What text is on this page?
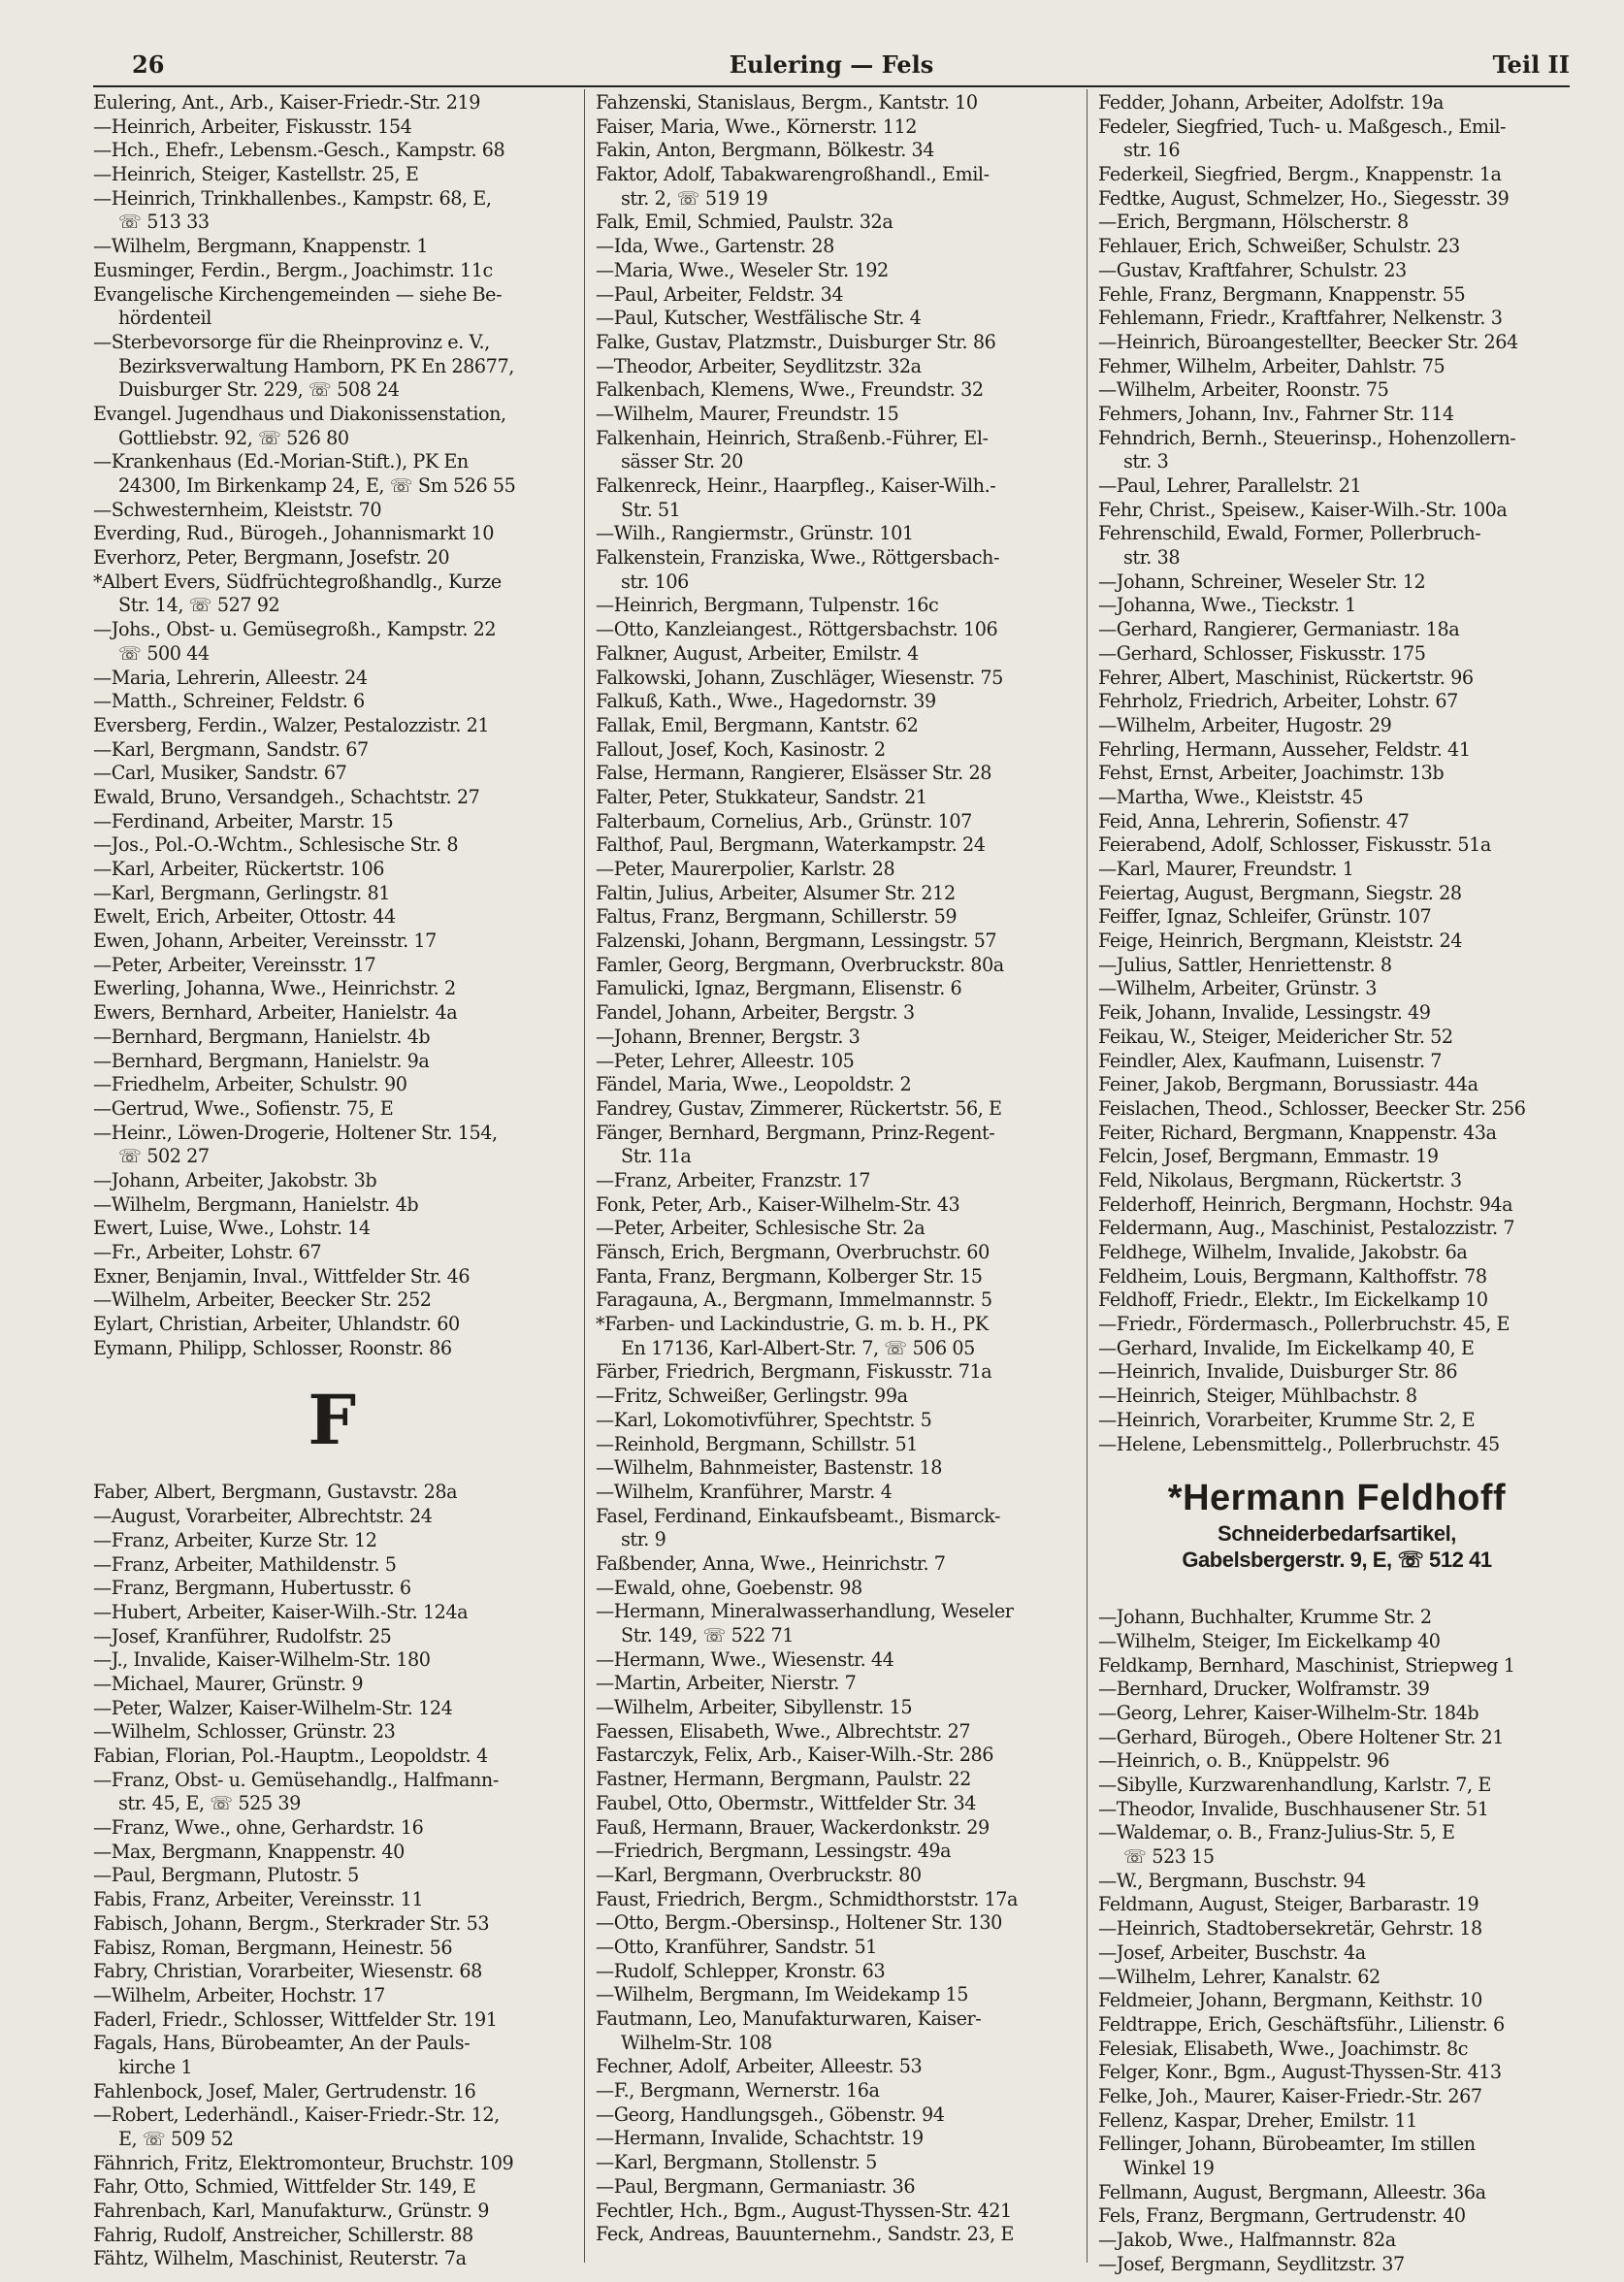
26	Eulering — Fels	Teil II
Eulering, Ant., Arb., Kaiser-Friedr.-Str. 219
—Heinrich, Arbeiter, Fiskusstr. 154
—Hch., Ehefr., Lebensm.-Gesch., Kampstr. 68
—Heinrich, Steiger, Kastellstr. 25, E
—Heinrich, Trinkhallenbes., Kampstr. 68, E,
☏ 513 33
—Wilhelm, Bergmann, Knappenstr. 1
Eusminger, Ferdin., Bergm., Joachimstr. 11c
Evangelische Kirchengemeinden — siehe Be-
hördenteil
—Sterbevorsorge für die Rheinprovinz e. V.,
Bezirksverwaltung Hamborn, PK En 28677,
Duisburger Str. 229, ☏ 508 24
Evangel. Jugendhaus und Diakonissenstation,
Gottliebstr. 92, ☏ 526 80
—Krankenhaus (Ed.-Morian-Stift.), PK En
24300, Im Birkenkamp 24, E, ☏ Sm 526 55
—Schwesternheim, Kleiststr. 70
Everding, Rud., Bürogeh., Johannismarkt 10
Everhorz, Peter, Bergmann, Josefstr. 20
*Albert Evers, Südfrüchtegroßhandlg., Kurze
Str. 14, ☏ 527 92
—Johs., Obst- u. Gemüsegroßh., Kampstr. 22
☏ 500 44
—Maria, Lehrerin, Alleestr. 24
—Matth., Schreiner, Feldstr. 6
Eversberg, Ferdin., Walzer, Pestalozzistr. 21
—Karl, Bergmann, Sandstr. 67
—Carl, Musiker, Sandstr. 67
Ewald, Bruno, Versandgeh., Schachtstr. 27
—Ferdinand, Arbeiter, Marstr. 15
—Jos., Pol.-O.-Wchtm., Schlesische Str. 8
—Karl, Arbeiter, Rückertstr. 106
—Karl, Bergmann, Gerlingstr. 81
Ewelt, Erich, Arbeiter, Ottostr. 44
Ewen, Johann, Arbeiter, Vereinsstr. 17
—Peter, Arbeiter, Vereinsstr. 17
Ewerling, Johanna, Wwe., Heinrichstr. 2
Ewers, Bernhard, Arbeiter, Hanielstr. 4a
—Bernhard, Bergmann, Hanielstr. 4b
—Bernhard, Bergmann, Hanielstr. 9a
—Friedhelm, Arbeiter, Schulstr. 90
—Gertrud, Wwe., Sofienstr. 75, E
—Heinr., Löwen-Drogerie, Holtener Str. 154,
☏ 502 27
—Johann, Arbeiter, Jakobstr. 3b
—Wilhelm, Bergmann, Hanielstr. 4b
Ewert, Luise, Wwe., Lohstr. 14
—Fr., Arbeiter, Lohstr. 67
Exner, Benjamin, Inval., Wittfelder Str. 46
—Wilhelm, Arbeiter, Beecker Str. 252
Eylart, Christian, Arbeiter, Uhlandstr. 60
Eymann, Philipp, Schlosser, Roonstr. 86
F
Faber, Albert, Bergmann, Gustavstr. 28a
—August, Vorarbeiter, Albrechtstr. 24
—Franz, Arbeiter, Kurze Str. 12
—Franz, Arbeiter, Mathildenstr. 5
—Franz, Bergmann, Hubertusstr. 6
—Hubert, Arbeiter, Kaiser-Wilh.-Str. 124a
—Josef, Kranführer, Rudolfstr. 25
—J., Invalide, Kaiser-Wilhelm-Str. 180
—Michael, Maurer, Grünstr. 9
—Peter, Walzer, Kaiser-Wilhelm-Str. 124
—Wilhelm, Schlosser, Grünstr. 23
Fabian, Florian, Pol.-Hauptm., Leopoldstr. 4
—Franz, Obst- u. Gemüsehandlg., Halfmann-
str. 45, E, ☏ 525 39
—Franz, Wwe., ohne, Gerhardstr. 16
—Max, Bergmann, Knappenstr. 40
—Paul, Bergmann, Plutostr. 5
Fabis, Franz, Arbeiter, Vereinsstr. 11
Fabisch, Johann, Bergm., Sterkrader Str. 53
Fabisz, Roman, Bergmann, Heinestr. 56
Fabry, Christian, Vorarbeiter, Wiesenstr. 68
—Wilhelm, Arbeiter, Hochstr. 17
Faderl, Friedr., Schlosser, Wittfelder Str. 191
Fagals, Hans, Bürobeamter, An der Pauls-
kirche 1
Fahlenbock, Josef, Maler, Gertrudenstr. 16
—Robert, Lederhändl., Kaiser-Friedr.-Str. 12,
E, ☏ 509 52
Fähnrich, Fritz, Elektromonteur, Bruchstr. 109
Fahr, Otto, Schmied, Wittfelder Str. 149, E
Fahrenbach, Karl, Manufakturw., Grünstr. 9
Fahrig, Rudolf, Anstreicher, Schillerstr. 88
Fähtz, Wilhelm, Maschinist, Reuterstr. 7a
Fahzenski, Stanislaus, Bergm., Kantstr. 10
Faiser, Maria, Wwe., Körnerstr. 112
Fakin, Anton, Bergmann, Bölkestr. 34
Faktor, Adolf, Tabakwarengroßhandl., Emil-
str. 2, ☏ 519 19
Falk, Emil, Schmied, Paulstr. 32a
—Ida, Wwe., Gartenstr. 28
—Maria, Wwe., Weseler Str. 192
—Paul, Arbeiter, Feldstr. 34
—Paul, Kutscher, Westfälische Str. 4
Falke, Gustav, Platzmstr., Duisburger Str. 86
—Theodor, Arbeiter, Seydlitzstr. 32a
Falkenbach, Klemens, Wwe., Freundstr. 32
—Wilhelm, Maurer, Freundstr. 15
Falkenhain, Heinrich, Straßenb.-Führer, El-
sässer Str. 20
Falkenreck, Heinr., Haarpfleg., Kaiser-Wilh.-
Str. 51
—Wilh., Rangiermstr., Grünstr. 101
Falkenstein, Franziska, Wwe., Röttgersbach-
str. 106
—Heinrich, Bergmann, Tulpenstr. 16c
—Otto, Kanzleiangest., Röttgersbachstr. 106
Falkner, August, Arbeiter, Emilstr. 4
Falkowski, Johann, Zuschläger, Wiesenstr. 75
Falkuß, Kath., Wwe., Hagedornstr. 39
Fallak, Emil, Bergmann, Kantstr. 62
Fallout, Josef, Koch, Kasinostr. 2
False, Hermann, Rangierer, Elsässer Str. 28
Falter, Peter, Stukkateur, Sandstr. 21
Falterbaum, Cornelius, Arb., Grünstr. 107
Falthof, Paul, Bergmann, Waterkampstr. 24
—Peter, Maurerpolier, Karlstr. 28
Faltin, Julius, Arbeiter, Alsumer Str. 212
Faltus, Franz, Bergmann, Schillerstr. 59
Falzenski, Johann, Bergmann, Lessingstr. 57
Famler, Georg, Bergmann, Overbruckstr. 80a
Famulicki, Ignaz, Bergmann, Elisenstr. 6
Fandel, Johann, Arbeiter, Bergstr. 3
—Johann, Brenner, Bergstr. 3
—Peter, Lehrer, Alleestr. 105
Fändel, Maria, Wwe., Leopoldstr. 2
Fandrey, Gustav, Zimmerer, Rückertstr. 56, E
Fänger, Bernhard, Bergmann, Prinz-Regent-
Str. 11a
—Franz, Arbeiter, Franzstr. 17
Fonk, Peter, Arb., Kaiser-Wilhelm-Str. 43
—Peter, Arbeiter, Schlesische Str. 2a
Fänsch, Erich, Bergmann, Overbruchstr. 60
Fanta, Franz, Bergmann, Kolberger Str. 15
Faragauna, A., Bergmann, Immelmannstr. 5
*Farben- und Lackindustrie, G. m. b. H., PK
En 17136, Karl-Albert-Str. 7, ☏ 506 05
Färber, Friedrich, Bergmann, Fiskusstr. 71a
—Fritz, Schweißer, Gerlingstr. 99a
—Karl, Lokomotivführer, Spechtstr. 5
—Reinhold, Bergmann, Schillstr. 51
—Wilhelm, Bahnmeister, Bastenstr. 18
—Wilhelm, Kranführer, Marstr. 4
Fasel, Ferdinand, Einkaufsbeamt., Bismarck-
str. 9
Faßbender, Anna, Wwe., Heinrichstr. 7
—Ewald, ohne, Goebenstr. 98
—Hermann, Mineralwasserhandlung, Weseler
Str. 149, ☏ 522 71
—Hermann, Wwe., Wiesenstr. 44
—Martin, Arbeiter, Nierstr. 7
—Wilhelm, Arbeiter, Sibyllenstr. 15
Faessen, Elisabeth, Wwe., Albrechtstr. 27
Fastarczyk, Felix, Arb., Kaiser-Wilh.-Str. 286
Fastner, Hermann, Bergmann, Paulstr. 22
Faubel, Otto, Obermstr., Wittfelder Str. 34
Fauß, Hermann, Brauer, Wackerdonkstr. 29
—Friedrich, Bergmann, Lessingstr. 49a
—Karl, Bergmann, Overbruckstr. 80
Faust, Friedrich, Bergm., Schmidthorststr. 17a
—Otto, Bergm.-Obersinsp., Holtener Str. 130
—Otto, Kranführer, Sandstr. 51
—Rudolf, Schlepper, Kronstr. 63
—Wilhelm, Bergmann, Im Weidekamp 15
Fautmann, Leo, Manufakturwaren, Kaiser-
Wilhelm-Str. 108
Fechner, Adolf, Arbeiter, Alleestr. 53
—F., Bergmann, Wernerstr. 16a
—Georg, Handlungsgeh., Göbenstr. 94
—Hermann, Invalide, Schachtstr. 19
—Karl, Bergmann, Stollenstr. 5
—Paul, Bergmann, Germaniastr. 36
Fechtler, Hch., Bgm., August-Thyssen-Str. 421
Feck, Andreas, Bauunternehm., Sandstr. 23, E
Fedder, Johann, Arbeiter, Adolfstr. 19a
Fedeler, Siegfried, Tuch- u. Maßgesch., Emil-
str. 16
Federkeil, Siegfried, Bergm., Knappenstr. 1a
Fedtke, August, Schmelzer, Ho., Siegesstr. 39
—Erich, Bergmann, Hölscherstr. 8
Fehlauer, Erich, Schweißer, Schulstr. 23
—Gustav, Kraftfahrer, Schulstr. 23
Fehle, Franz, Bergmann, Knappenstr. 55
Fehlemann, Friedr., Kraftfahrer, Nelkenstr. 3
—Heinrich, Büroangestellter, Beecker Str. 264
Fehmer, Wilhelm, Arbeiter, Dahlstr. 75
—Wilhelm, Arbeiter, Roonstr. 75
Fehmers, Johann, Inv., Fahrner Str. 114
Fehndrich, Bernh., Steuerinsp., Hohenzollern-
str. 3
—Paul, Lehrer, Parallelstr. 21
Fehr, Christ., Speisew., Kaiser-Wilh.-Str. 100a
Fehrenschild, Ewald, Former, Pollerbruch-
str. 38
—Johann, Schreiner, Weseler Str. 12
—Johanna, Wwe., Tieckstr. 1
—Gerhard, Rangierer, Germaniastr. 18a
—Gerhard, Schlosser, Fiskusstr. 175
Fehrer, Albert, Maschinist, Rückertstr. 96
Fehrholz, Friedrich, Arbeiter, Lohstr. 67
—Wilhelm, Arbeiter, Hugostr. 29
Fehrling, Hermann, Ausseher, Feldstr. 41
Fehst, Ernst, Arbeiter, Joachimstr. 13b
—Martha, Wwe., Kleiststr. 45
Feid, Anna, Lehrerin, Sofienstr. 47
Feierabend, Adolf, Schlosser, Fiskusstr. 51a
—Karl, Maurer, Freundstr. 1
Feiertag, August, Bergmann, Siegstr. 28
Feiffer, Ignaz, Schleifer, Grünstr. 107
Feige, Heinrich, Bergmann, Kleiststr. 24
—Julius, Sattler, Henriettenstr. 8
—Wilhelm, Arbeiter, Grünstr. 3
Feik, Johann, Invalide, Lessingstr. 49
Feikau, W., Steiger, Meidericher Str. 52
Feindler, Alex, Kaufmann, Luisenstr. 7
Feiner, Jakob, Bergmann, Borussiastr. 44a
Feislachen, Theod., Schlosser, Beecker Str. 256
Feiter, Richard, Bergmann, Knappenstr. 43a
Felcin, Josef, Bergmann, Emmastr. 19
Feld, Nikolaus, Bergmann, Rückertstr. 3
Felderhoff, Heinrich, Bergmann, Hochstr. 94a
Feldermann, Aug., Maschinist, Pestalozzistr. 7
Feldhege, Wilhelm, Invalide, Jakobstr. 6a
Feldheim, Louis, Bergmann, Kalthoffstr. 78
Feldhoff, Friedr., Elektr., Im Eickelkamp 10
—Friedr., Fördermasch., Pollerbruchstr. 45, E
—Gerhard, Invalide, Im Eickelkamp 40, E
—Heinrich, Invalide, Duisburger Str. 86
—Heinrich, Steiger, Mühlbachstr. 8
—Heinrich, Vorarbeiter, Krumme Str. 2, E
—Helene, Lebensmittelg., Pollerbruchstr. 45
*Hermann Feldhoff
Schneiderbedarfsartikel,
Gabelsbergerstr. 9, E, ☏ 512 41
—Johann, Buchhalter, Krumme Str. 2
—Wilhelm, Steiger, Im Eickelkamp 40
Feldkamp, Bernhard, Maschinist, Striepweg 1
—Bernhard, Drucker, Wolframstr. 39
—Georg, Lehrer, Kaiser-Wilhelm-Str. 184b
—Gerhard, Bürogeh., Obere Holtener Str. 21
—Heinrich, o. B., Knüppelstr. 96
—Sibylle, Kurzwarenhandlung, Karlstr. 7, E
—Theodor, Invalide, Buschhausener Str. 51
—Waldemar, o. B., Franz-Julius-Str. 5, E
☏ 523 15
—W., Bergmann, Buschstr. 94
Feldmann, August, Steiger, Barbarastr. 19
—Heinrich, Stadtobersekretär, Gehrstr. 18
—Josef, Arbeiter, Buschstr. 4a
—Wilhelm, Lehrer, Kanalstr. 62
Feldmeier, Johann, Bergmann, Keithstr. 10
Feldtrappe, Erich, Geschäftsführ., Lilienstr. 6
Felesiak, Elisabeth, Wwe., Joachimstr. 8c
Felger, Konr., Bgm., August-Thyssen-Str. 413
Felke, Joh., Maurer, Kaiser-Friedr.-Str. 267
Fellenz, Kaspar, Dreher, Emilstr. 11
Fellinger, Johann, Bürobeamter, Im stillen
Winkel 19
Fellmann, August, Bergmann, Alleestr. 36a
Fels, Franz, Bergmann, Gertrudenstr. 40
—Jakob, Wwe., Halfmannstr. 82a
—Josef, Bergmann, Seydlitzstr. 37
